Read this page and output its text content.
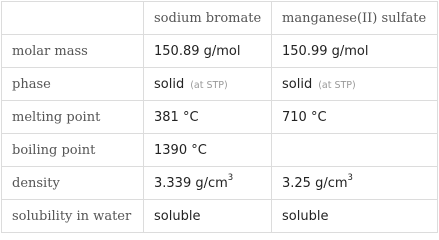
	sodium bromate	manganese(II) sulfate
molar mass	150.89 g/mol	150.99 g/mol
phase	solid (at STP)	solid (at STP)
melting point	381 °C	710 °C
boiling point	1390 °C	
density	3.339 $g/cm^3$	3.25 $g/cm^3$
solubility in water	soluble	soluble
